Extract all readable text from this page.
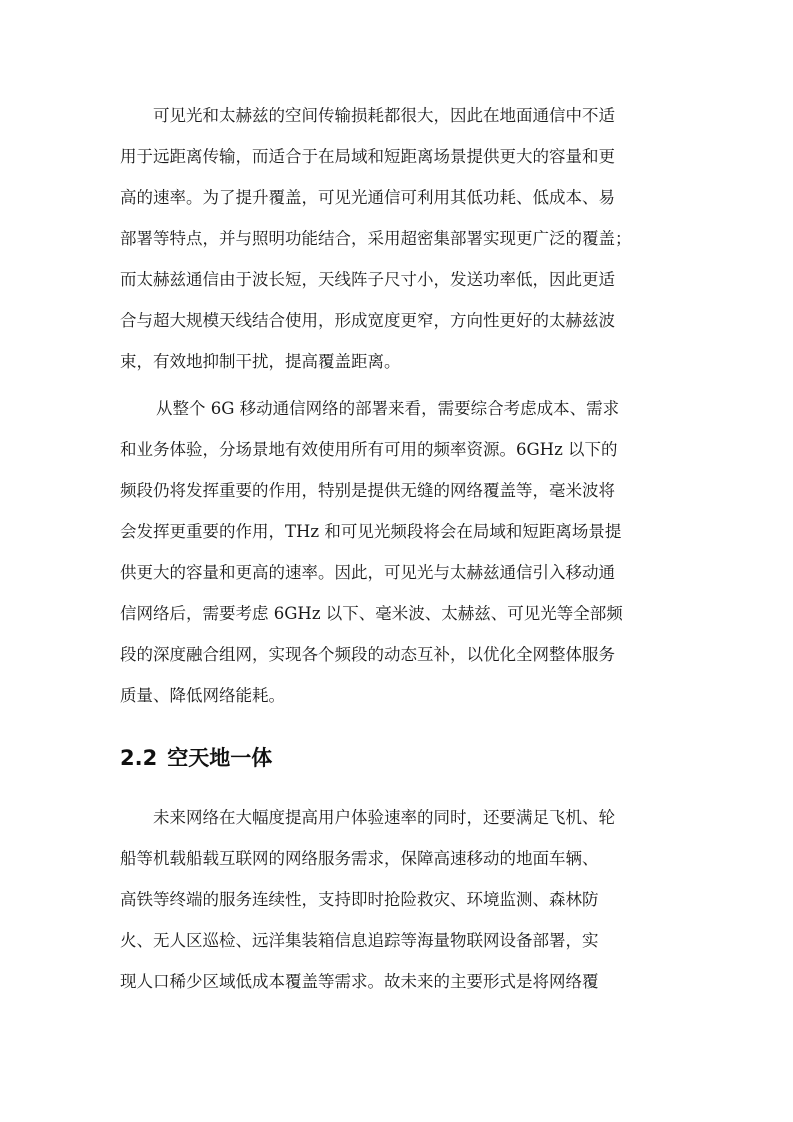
可见光和太赫兹的空间传输损耗都很大，因此在地面通信中不适
用于远距离传输，而适合于在局域和短距离场景提供更大的容量和更
高的速率。为了提升覆盖，可见光通信可利用其低功耗、低成本、易
部署等特点，并与照明功能结合，采用超密集部署实现更广泛的覆盖；
而太赫兹通信由于波长短，天线阵子尺寸小，发送功率低，因此更适
合与超大规模天线结合使用，形成宽度更窄，方向性更好的太赫兹波
束，有效地抑制干扰，提高覆盖距离。
从整个 6G 移动通信网络的部署来看，需要综合考虑成本、需求
和业务体验，分场景地有效使用所有可用的频率资源。6GHz 以下的
频段仍将发挥重要的作用，特别是提供无缝的网络覆盖等，毫米波将
会发挥更重要的作用，THz 和可见光频段将会在局域和短距离场景提
供更大的容量和更高的速率。因此，可见光与太赫兹通信引入移动通
信网络后，需要考虑 6GHz 以下、毫米波、太赫兹、可见光等全部频
段的深度融合组网，实现各个频段的动态互补，以优化全网整体服务
质量、降低网络能耗。
2.2 空天地一体
未来网络在大幅度提高用户体验速率的同时，还要满足飞机、轮
船等机载船载互联网的网络服务需求，保障高速移动的地面车辆、
高铁等终端的服务连续性，支持即时抢险救灾、环境监测、森林防
火、无人区巡检、远洋集装箱信息追踪等海量物联网设备部署，实
现人口稀少区域低成本覆盖等需求。故未来的主要形式是将网络覆
